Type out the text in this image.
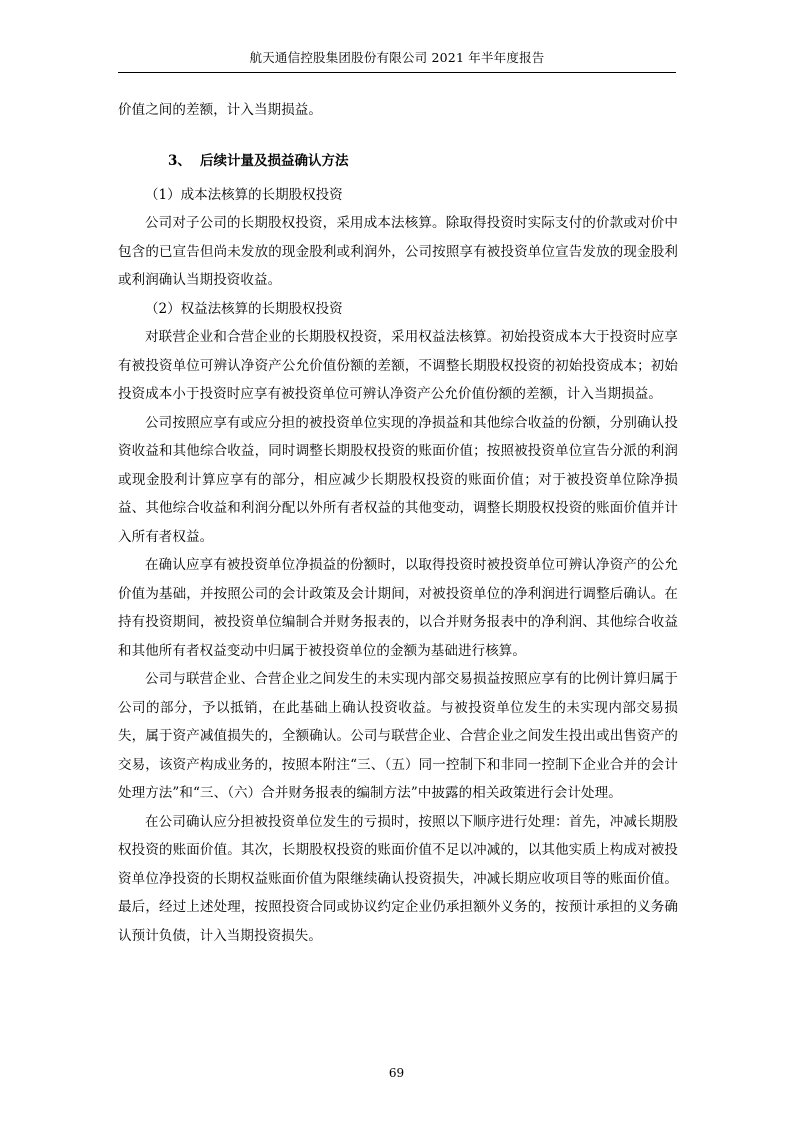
航天通信控股集团股份有限公司 2021 年半年度报告

价值之间的差额，计入当期损益。

3、 后续计量及损益确认方法

（1）成本法核算的长期股权投资

公司对子公司的长期股权投资，采用成本法核算。除取得投资时实际支付的价款或对价中包含的已宣告但尚未发放的现金股利或利润外，公司按照享有被投资单位宣告发放的现金股利或利润确认当期投资收益。

（2）权益法核算的长期股权投资

对联营企业和合营企业的长期股权投资，采用权益法核算。初始投资成本大于投资时应享有被投资单位可辨认净资产公允价值份额的差额，不调整长期股权投资的初始投资成本；初始投资成本小于投资时应享有被投资单位可辨认净资产公允价值份额的差额，计入当期损益。

公司按照应享有或应分担的被投资单位实现的净损益和其他综合收益的份额，分别确认投资收益和其他综合收益，同时调整长期股权投资的账面价值；按照被投资单位宣告分派的利润或现金股利计算应享有的部分，相应减少长期股权投资的账面价值；对于被投资单位除净损益、其他综合收益和利润分配以外所有者权益的其他变动，调整长期股权投资的账面价值并计入所有者权益。

在确认应享有被投资单位净损益的份额时，以取得投资时被投资单位可辨认净资产的公允价值为基础，并按照公司的会计政策及会计期间，对被投资单位的净利润进行调整后确认。在持有投资期间，被投资单位编制合并财务报表的，以合并财务报表中的净利润、其他综合收益和其他所有者权益变动中归属于被投资单位的金额为基础进行核算。

公司与联营企业、合营企业之间发生的未实现内部交易损益按照应享有的比例计算归属于公司的部分，予以抵销，在此基础上确认投资收益。与被投资单位发生的未实现内部交易损失，属于资产减值损失的，全额确认。公司与联营企业、合营企业之间发生投出或出售资产的交易，该资产构成业务的，按照本附注“三、（五）同一控制下和非同一控制下企业合并的会计处理方法”和“三、（六）合并财务报表的编制方法”中披露的相关政策进行会计处理。

在公司确认应分担被投资单位发生的亏损时，按照以下顺序进行处理：首先，冲减长期股权投资的账面价值。其次，长期股权投资的账面价值不足以冲减的，以其他实质上构成对被投资单位净投资的长期权益账面价值为限继续确认投资损失，冲减长期应收项目等的账面价值。最后，经过上述处理，按照投资合同或协议约定企业仍承担额外义务的，按预计承担的义务确认预计负债，计入当期投资损失。

69
